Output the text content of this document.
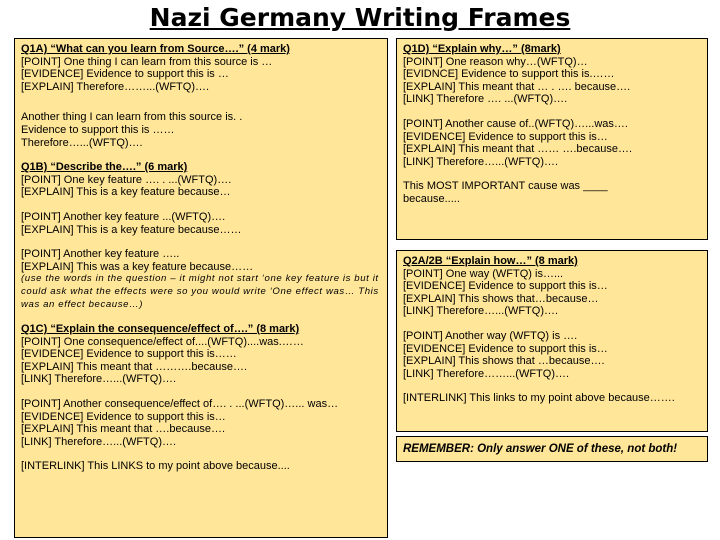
Nazi Germany Writing Frames
Q1A) “What can you learn from Source….” (4 mark)
[POINT] One thing I can learn from this source is …
[EVIDENCE] Evidence to support this is …
[EXPLAIN] Therefore……...(WFTQ)….
Another thing I can learn from this source is. .
Evidence to support this is ……
Therefore…...(WFTQ)….
Q1B) “Describe the….” (6 mark)
[POINT] One key feature …. . ...(WFTQ)….
[EXPLAIN] This is a key feature because…
[POINT] Another key feature ...(WFTQ)….
[EXPLAIN] This is a key feature because……
[POINT] Another key feature …..
[EXPLAIN] This was a key feature because……
(use the words in the question – it might not start ‘one key feature is but it could ask what the effects were so you would write ‘One effect was… This was an effect because…)
Q1C) “Explain the consequence/effect of….” (8 mark)
[POINT] One consequence/effect of....(WFTQ)....was.……
[EVIDENCE] Evidence to support this is……
[EXPLAIN] This meant that ……….because….
[LINK] Therefore…...(WFTQ)….
[POINT] Another consequence/effect of…. . ...(WFTQ)…... was…
[EVIDENCE] Evidence to support this is…
[EXPLAIN] This meant that ….because….
[LINK] Therefore…...(WFTQ)….
[INTERLINK] This LINKS to my point above because....
Q1D) “Explain why…” (8mark)
[POINT] One reason why…(WFTQ)…
[EVIDNCE] Evidence to support this is.……
[EXPLAIN] This meant that … . …. because….
[LINK] Therefore …. ...(WFTQ)….
[POINT] Another cause of..(WFTQ)…...was….
[EVIDENCE] Evidence to support this is…
[EXPLAIN] This meant that …… ….because….
[LINK] Therefore…...(WFTQ)….
This MOST IMPORTANT cause was ____
because.....
Q2A/2B “Explain how…” (8 mark)
[POINT] One way (WFTQ) is…...
[EVIDENCE] Evidence to support this is…
[EXPLAIN] This shows that…because…
[LINK] Therefore…...(WFTQ)….
[POINT] Another way (WFTQ) is ….
[EVIDENCE] Evidence to support this is…
[EXPLAIN] This shows that …because….
[LINK] Therefore……...(WFTQ)….
[INTERLINK] This links to my point above because…….
REMEMBER: Only answer ONE of these, not both!
